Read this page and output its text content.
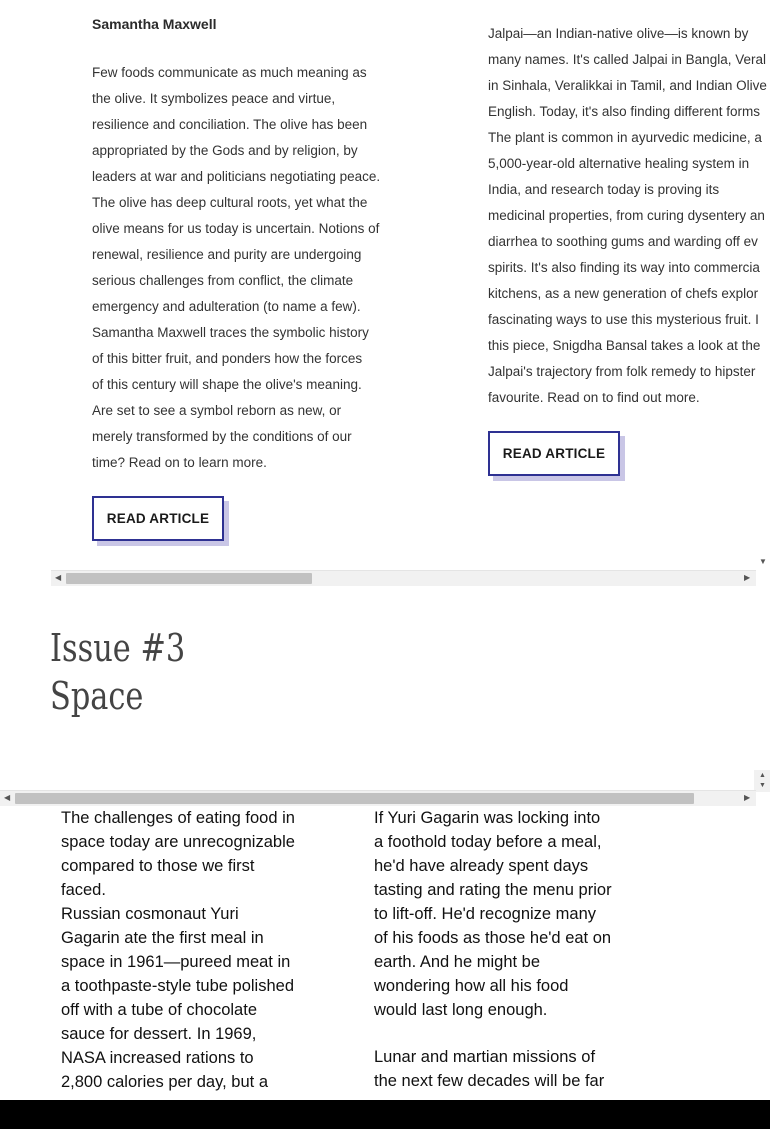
Samantha Maxwell
Few foods communicate as much meaning as
the olive. It symbolizes peace and virtue,
resilience and conciliation. The olive has been
appropriated by the Gods and by religion, by
leaders at war and politicians negotiating peace.
The olive has deep cultural roots, yet what the
olive means for us today is uncertain. Notions of
renewal, resilience and purity are undergoing
serious challenges from conflict, the climate
emergency and adulteration (to name a few).
Samantha Maxwell traces the symbolic history
of this bitter fruit, and ponders how the forces
of this century will shape the olive's meaning.
Are set to see a symbol reborn as new, or
merely transformed by the conditions of our
time? Read on to learn more.
READ ARTICLE
Jalpai—an Indian-native olive—is known by
many names. It's called Jalpai in Bangla, Veral
in Sinhala, Veralikkai in Tamil, and Indian Olive
English. Today, it's also finding different forms
The plant is common in ayurvedic medicine, a
5,000-year-old alternative healing system in
India, and research today is proving its
medicinal properties, from curing dysentery an
diarrhea to soothing gums and warding off ev
spirits. It's also finding its way into commercia
kitchens, as a new generation of chefs explor
fascinating ways to use this mysterious fruit. I
this piece, Snigdha Bansal takes a look at the
Jalpai's trajectory from folk remedy to hipster
favourite. Read on to find out more.
READ ARTICLE
▼
◀	▶
Issue #3
Space
▲
▼
◀	▶

The challenges of eating food in

space today are unrecognizable

compared to those we first

faced.

Russian cosmonaut Yuri

Gagarin ate the first meal in

space in 1961—pureed meat in

a toothpaste-style tube polished

off with a tube of chocolate

sauce for dessert. In 1969,

NASA increased rations to

2,800 calories per day, but a

If Yuri Gagarin was locking into

a foothold today before a meal,

he'd have already spent days

tasting and rating the menu prior

to lift-off. He'd recognize many

of his foods as those he'd eat on

earth. And he might be

wondering how all his food

would last long enough.

Lunar and martian missions of

the next few decades will be far
